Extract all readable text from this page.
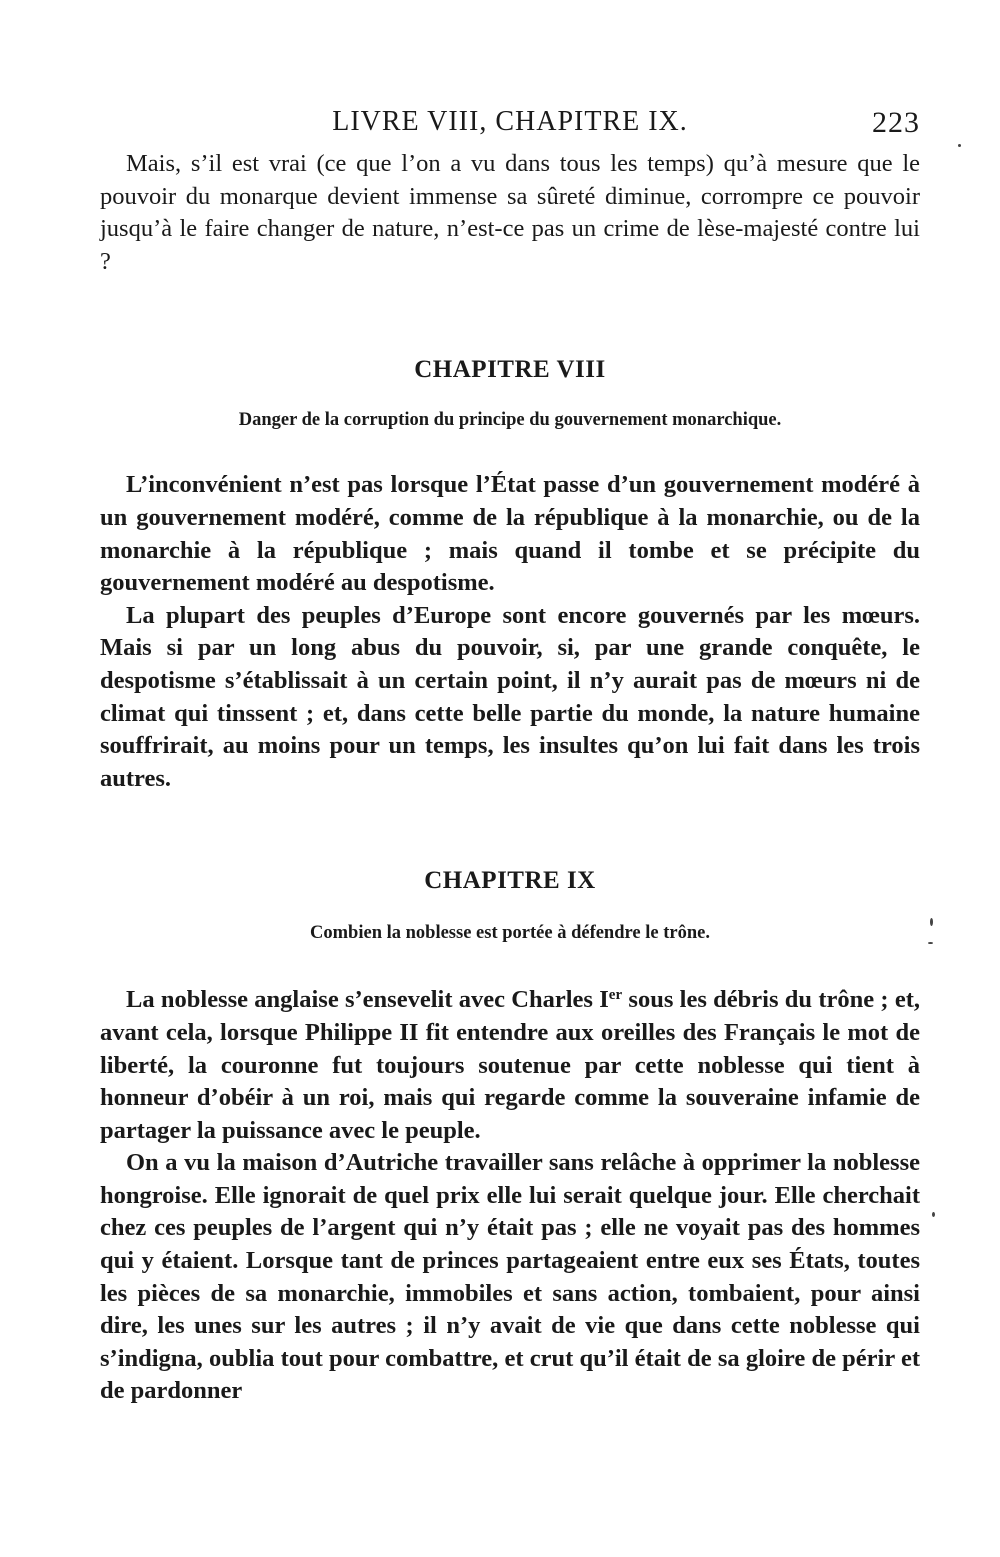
LIVRE VIII, CHAPITRE IX.	223

Mais, s’il est vrai (ce que l’on a vu dans tous les temps) qu’à mesure que le pouvoir du monarque devient immense sa sûreté diminue, corrompre ce pouvoir jusqu’à le faire changer de nature, n’est-ce pas un crime de lèse-majesté contre lui ?

CHAPITRE VIII
Danger de la corruption du principe du gouvernement monarchique.

L’inconvénient n’est pas lorsque l’État passe d’un gouvernement modéré à un gouvernement modéré, comme de la république à la monarchie, ou de la monarchie à la république ; mais quand il tombe et se précipite du gouvernement modéré au despotisme.

La plupart des peuples d’Europe sont encore gouvernés par les mœurs. Mais si par un long abus du pouvoir, si, par une grande conquête, le despotisme s’établissait à un certain point, il n’y aurait pas de mœurs ni de climat qui tinssent ; et, dans cette belle partie du monde, la nature humaine souffrirait, au moins pour un temps, les insultes qu’on lui fait dans les trois autres.

CHAPITRE IX
Combien la noblesse est portée à défendre le trône.

La noblesse anglaise s’ensevelit avec Charles Ier sous les débris du trône ; et, avant cela, lorsque Philippe II fit entendre aux oreilles des Français le mot de liberté, la couronne fut toujours soutenue par cette noblesse qui tient à honneur d’obéir à un roi, mais qui regarde comme la souveraine infamie de partager la puissance avec le peuple.

On a vu la maison d’Autriche travailler sans relâche à opprimer la noblesse hongroise. Elle ignorait de quel prix elle lui serait quelque jour. Elle cherchait chez ces peuples de l’argent qui n’y était pas ; elle ne voyait pas des hommes qui y étaient. Lorsque tant de princes partageaient entre eux ses États, toutes les pièces de sa monarchie, immobiles et sans action, tombaient, pour ainsi dire, les unes sur les autres ; il n’y avait de vie que dans cette noblesse qui s’indigna, oublia tout pour combattre, et crut qu’il était de sa gloire de périr et de pardonner
